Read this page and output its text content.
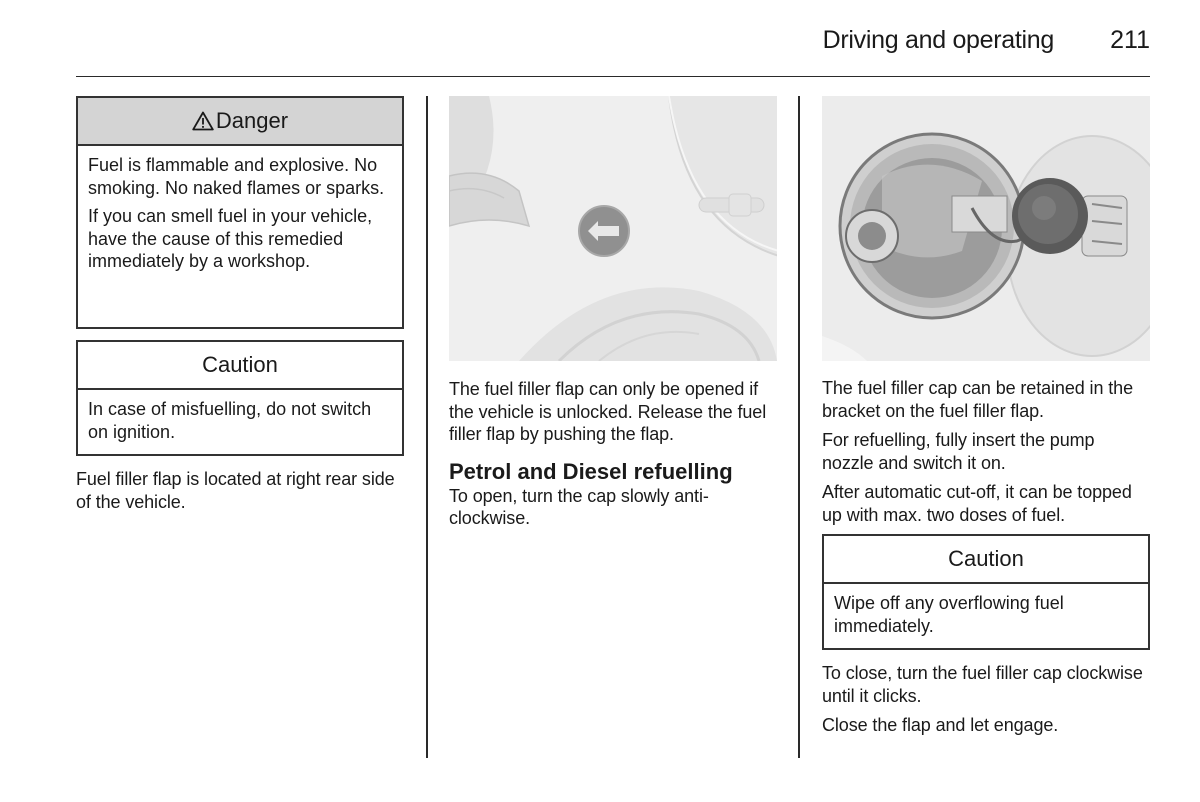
Driving and operating 211
Danger

Fuel is flammable and explosive. No smoking. No naked flames or sparks.

If you can smell fuel in your vehicle, have the cause of this remedied immediately by a workshop.

Caution

In case of misfuelling, do not switch on ignition.

Fuel filler flap is located at right rear side of the vehicle.

The fuel filler flap can only be opened if the vehicle is unlocked. Release the fuel filler flap by pushing the flap.

Petrol and Diesel refuelling

To open, turn the cap slowly anti-clockwise.

The fuel filler cap can be retained in the bracket on the fuel filler flap.

For refuelling, fully insert the pump nozzle and switch it on.

After automatic cut-off, it can be topped up with max. two doses of fuel.

Caution

Wipe off any overflowing fuel immediately.

To close, turn the fuel filler cap clockwise until it clicks.

Close the flap and let engage.
